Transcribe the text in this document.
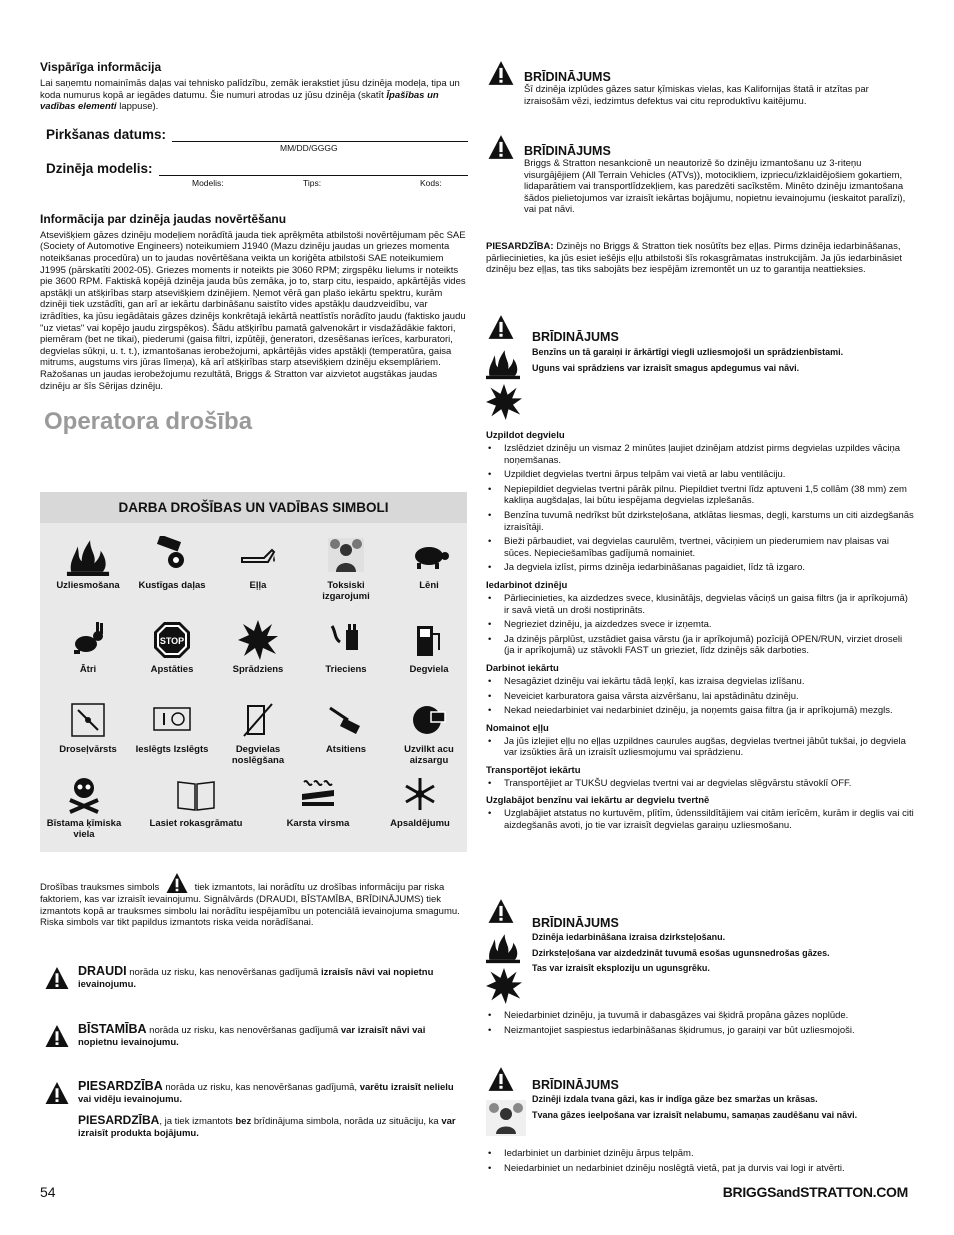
Vispārīga informācija

Lai saņemtu nomainīmās daļas vai tehnisko palīdzību, zemāk ierakstiet jūsu dzinēja modeļa, tipa un koda numurus kopā ar iegādes datumu. Šie numuri atrodas uz jūsu dzinēja (skatīt Īpašības un vadības elementi lappuse).

Pirkšanas datums:
MM/DD/GGGG
Dzinēja modelis:
Modelis:	Tips:	Kods:
Informācija par dzinēja jaudas novērtēšanu

Atsevišķiem gāzes dzinēju modeļiem norādītā jauda tiek aprēķmēta atbilstoši novērtējumam pēc SAE (Society of Automotive Engineers) noteikumiem J1940 (Mazu dzinēju jaudas un griezes momenta noteikšanas procedūra) un to jaudas novērtēšana veikta un koriģēta atbilstoši SAE noteikumiem J1995 (pārskatīti 2002-05). Griezes moments ir noteikts pie 3060 RPM; zirgspēku lielums ir noteikts pie 3600 RPM. Faktiskā kopējā dzinēja jauda būs zemāka, jo to, starp citu, iespaido, apkārtējās vides apstākļi un atšķirības starp atsevišķiem dzinējiem. Ņemot vērā gan plašo iekārtu spektru, kurām dzinēji tiek uzstādīti, gan arī ar iekārtu darbināšanu saistīto vides apstākļu daudzveidību, var izrādīties, ka jūsu iegādātais gāzes dzinējs konkrētajā iekārtā neattīstīs norādīto jaudu (faktisko jaudu "uz vietas" vai kopējo jaudu zirgspēkos). Šādu atšķirību pamatā galvenokārt ir visdažādākie faktori, piemēram (bet ne tikai), piederumi (gaisa filtri, izpūtēji, ģeneratori, dzesēšanas ierīces, karburatori, degvielas sūkņi, u. t. t.), izmantošanas ierobežojumi, apkārtējās vides apstākļi (temperatūra, gaisa mitrums, augstums virs jūras līmeņa), kā arī atšķirības starp atsevišķiem dzinēju eksemplāriem. Ražošanas un jaudas ierobežojumu rezultātā, Briggs & Stratton var aizvietot augstākas jaudas dzinēju ar šīs Sērijas dzinēju.

Operatora drošība
DARBA DROŠĪBAS UN VADĪBAS SIMBOLI
Uzliesmošana	Kustīgas daļas	Eļļa	Toksiski izgarojumi
Lēni
Ātri
STOP
Apstāties	Sprādziens	Trieciens	Degviela
Droseļvārsts	Ieslēgts Izslēgts	Degvielas noslēgšana
Atsitiens	Uzvilkt acu aizsargu
Bīstama ķīmiska viela
Lasiet rokasgrāmatu	Karsta virsma	Apsaldējumu

Drošības trauksmes simbols	tiek izmantots, lai norādītu uz drošības informāciju par riska faktoriem, kas var izraisīt ievainojumu. Signālvārds (DRAUDI, BĪSTAMĪBA, BRĪDINĀJUMS) tiek izmantots kopā ar trauksmes simbolu lai norādītu iespējamību un potenciālā ievainojuma smagumu. Riska simbols var tikt papildus izmantots riska veida norādīšanai.

DRAUDI norāda uz risku, kas nenovēršanas gadījumā izraisīs nāvi vai nopietnu ievainojumu.

BĪSTAMĪBA norāda uz risku, kas nenovēršanas gadījumā var izraisīt nāvi vai nopietnu ievainojumu.

PIESARDZĪBA norāda uz risku, kas nenovēršanas gadījumā, varētu izraisīt nelielu vai vidēju ievainojumu.

PIESARDZĪBA, ja tiek izmantots bez brīdinājuma simbola, norāda uz situāciju, ka var izraisīt produkta bojājumu.

BRĪDINĀJUMS

Šī dzinēja izplūdes gāzes satur ķīmiskas vielas, kas Kalifornijas štatā ir atzītas par izraisošām vēzi, iedzimtus defektus vai citu reproduktīvu kaitējumu.

BRĪDINĀJUMS

Briggs & Stratton nesankcionē un neautorizē šo dzinēju izmantošanu uz 3-riteņu visurgājējiem (All Terrain Vehicles (ATVs)), motocikliem, izpriecu/izklaidējošiem gokartiem, lidaparātiem vai transportlīdzekļiem, kas paredzēti sacīkstēm. Minēto dzinēju izmantošana šādos pielietojumos var izraisīt iekārtas bojājumu, nopietnu ievainojumu (ieskaitot paralīzi), vai pat nāvi.

PIESARDZĪBA: Dzinējs no Briggs & Stratton tiek nosūtīts bez eļļas. Pirms dzinēja iedarbināšanas, pārliecinieties, ka jūs esiet iešējis eļļu atbilstoši šīs rokasgrāmatas instrukcijām. Ja jūs iedarbināsiet dzinēju bez eļļas, tas tiks sabojāts bez iespējām izremontēt un uz to garantija neattieksies.

BRĪDINĀJUMS

Benzīns un tā garaiņi ir ārkārtīgi viegli uzliesmojoši un sprādzienbīstami.

Uguns vai sprādziens var izraisīt smagus apdegumus vai nāvi.

Uzpildot degvielu

• Izslēdziet dzinēju un vismaz 2 minūtes ļaujiet dzinējam atdzist pirms degvielas uzpildes vāciņa noņemšanas.

• Uzpildiet degvielas tvertni ārpus telpām vai vietā ar labu ventilāciju.

• Nepiepildiet degvielas tvertni pārāk pilnu. Piepildiet tvertni līdz aptuveni 1,5 collām (38 mm) zem kakliņa augšdaļas, lai būtu iespējama degvielas izplešanās.

• Benzīna tuvumā nedrīkst būt dzirksteļošana, atklātas liesmas, degļi, karstums un citi aizdegšanās izraisītāji.

• Bieži pārbaudiet, vai degvielas caurulēm, tvertnei, vāciņiem un piederumiem nav plaisas vai sūces. Nepieciešamības gadījumā nomainiet.

• Ja degviela izlīst, pirms dzinēja iedarbināšanas pagaidiet, līdz tā izgaro.

Iedarbinot dzinēju

• Pārliecinieties, ka aizdedzes svece, klusinātājs, degvielas vāciņš un gaisa filtrs (ja ir aprīkojumā) ir savā vietā un droši nostiprināts.

• Negrieziet dzinēju, ja aizdedzes svece ir izņemta.

• Ja dzinējs pārplūst, uzstādiet gaisa vārstu (ja ir aprīkojumā) pozīcijā OPEN/RUN, virziet droseli (ja ir aprīkojumā) uz stāvokli FAST un grieziet, līdz dzinējs sāk darboties.

Darbinot iekārtu

• Nesagāziet dzinēju vai iekārtu tādā leņķī, kas izraisa degvielas izlīšanu.

• Neveiciet karburatora gaisa vārsta aizvēršanu, lai apstādinātu dzinēju.

• Nekad neiedarbiniet vai nedarbiniet dzinēju, ja noņemts gaisa filtra (ja ir aprīkojumā) mezgls.

Nomainot eļļu

• Ja jūs izlejiet eļļu no eļļas uzpildnes caurules augšas, degvielas tvertnei jābūt tukšai, jo degviela var izsūkties ārā un izraisīt uzliesmojumu vai sprādzienu.

Transportējot iekārtu

• Transportējiet ar TUKŠU degvielas tvertni vai ar degvielas slēgvārstu stāvoklī OFF.

Uzglabājot benzīnu vai iekārtu ar degvielu tvertnē

• Uzglabājiet atstatus no kurtuvēm, plītīm, ūdenssildītājiem vai citām ierīcēm, kurām ir deglis vai citi aizdegšanās avoti, jo tie var izraisīt degvielas garaiņu uzliesmošanu.

BRĪDINĀJUMS

Dzinēja iedarbināšana izraisa dzirksteļošanu.

Dzirksteļošana var aizdedzināt tuvumā esošas ugunsnedrošas gāzes.

Tas var izraisīt eksploziju un ugunsgrēku.

• Neiedarbiniet dzinēju, ja tuvumā ir dabasgāzes vai šķidrā propāna gāzes noplūde.

• Neizmantojiet saspiestus iedarbināšanas šķidrumus, jo garaiņi var būt uzliesmojoši.

BRĪDINĀJUMS

Dzinēji izdala tvana gāzi, kas ir indīga gāze bez smaržas un krāsas.

Tvana gāzes ieelpošana var izraisīt nelabumu, samaņas zaudēšanu vai nāvi.

• Iedarbiniet un darbiniet dzinēju ārpus telpām.

• Neiedarbiniet un nedarbiniet dzinēju noslēgtā vietā, pat ja durvis vai logi ir atvērti.

54	BRIGGSandSTRATTON.COM
